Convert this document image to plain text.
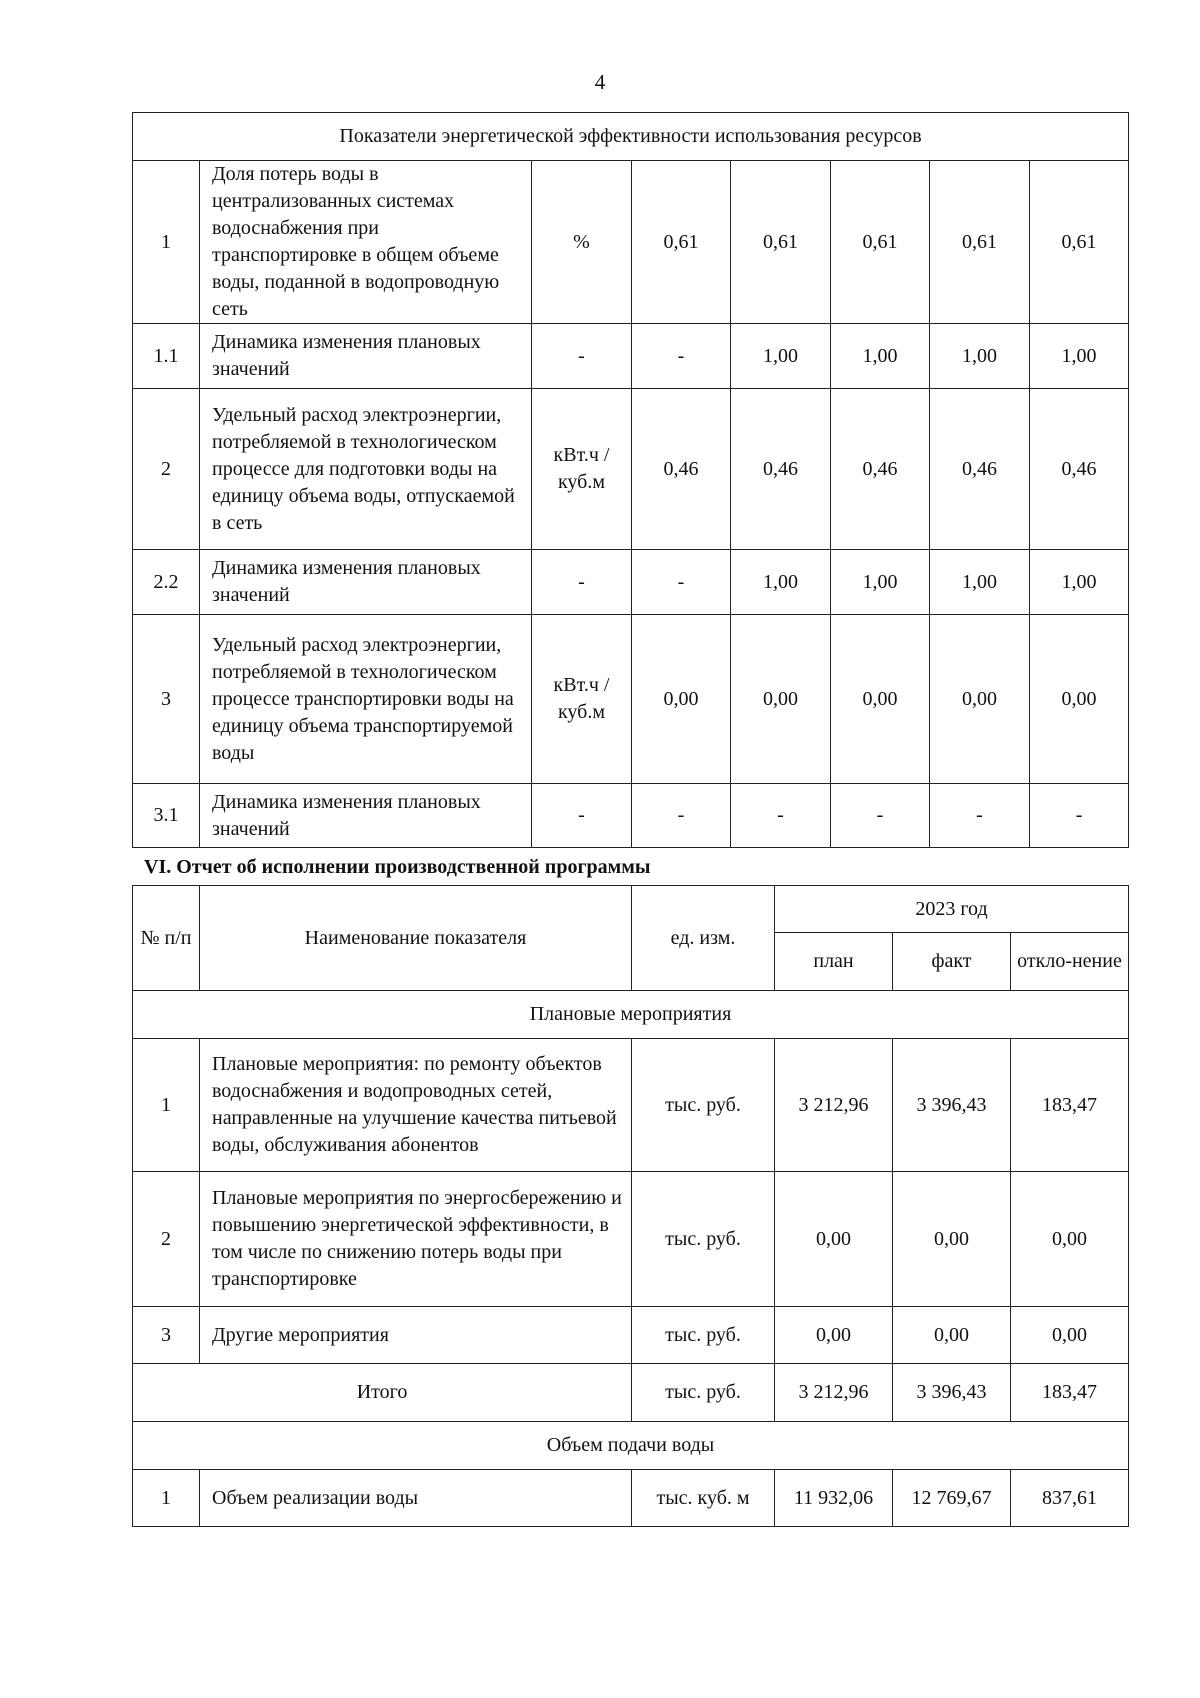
4
Показатели энергетической эффективности использования ресурсов							
1	Доля потерь воды в централизованных системах водоснабжения при транспортировке в общем объеме воды, поданной в водопроводную сеть	%	0,61	0,61	0,61	0,61	0,61
1.1	Динамика изменения плановых значений	-	-	1,00	1,00	1,00	1,00
2	Удельный расход электроэнергии, потребляемой в технологическом процессе для подготовки воды на единицу объема воды, отпускаемой в сеть	кВт.ч / куб.м	0,46	0,46	0,46	0,46	0,46
2.2	Динамика изменения плановых значений	-	-	1,00	1,00	1,00	1,00
3	Удельный расход электроэнергии, потребляемой в технологическом процессе транспортировки воды на единицу объема транспортируемой воды	кВт.ч / куб.м	0,00	0,00	0,00	0,00	0,00
3.1	Динамика изменения плановых значений	-	-	-	-	-	-
VI. Отчет об исполнении производственной программы
№ п/п	Наименование показателя	ед. изм.	2023 год		
			план	факт	откло-нение
Плановые мероприятия					
1	Плановые мероприятия: по ремонту объектов водоснабжения и водопроводных сетей, направленные на улучшение качества питьевой воды, обслуживания абонентов	тыс. руб.	3 212,96	3 396,43	183,47
2	Плановые мероприятия по энергосбережению и повышению энергетической эффективности, в том числе по снижению потерь воды при транспортировке	тыс. руб.	0,00	0,00	0,00
3	Другие мероприятия	тыс. руб.	0,00	0,00	0,00
Итого		тыс. руб.	3 212,96	3 396,43	183,47
Объем подачи воды					
1	Объем реализации воды	тыс. куб. м	11 932,06	12 769,67	837,61
